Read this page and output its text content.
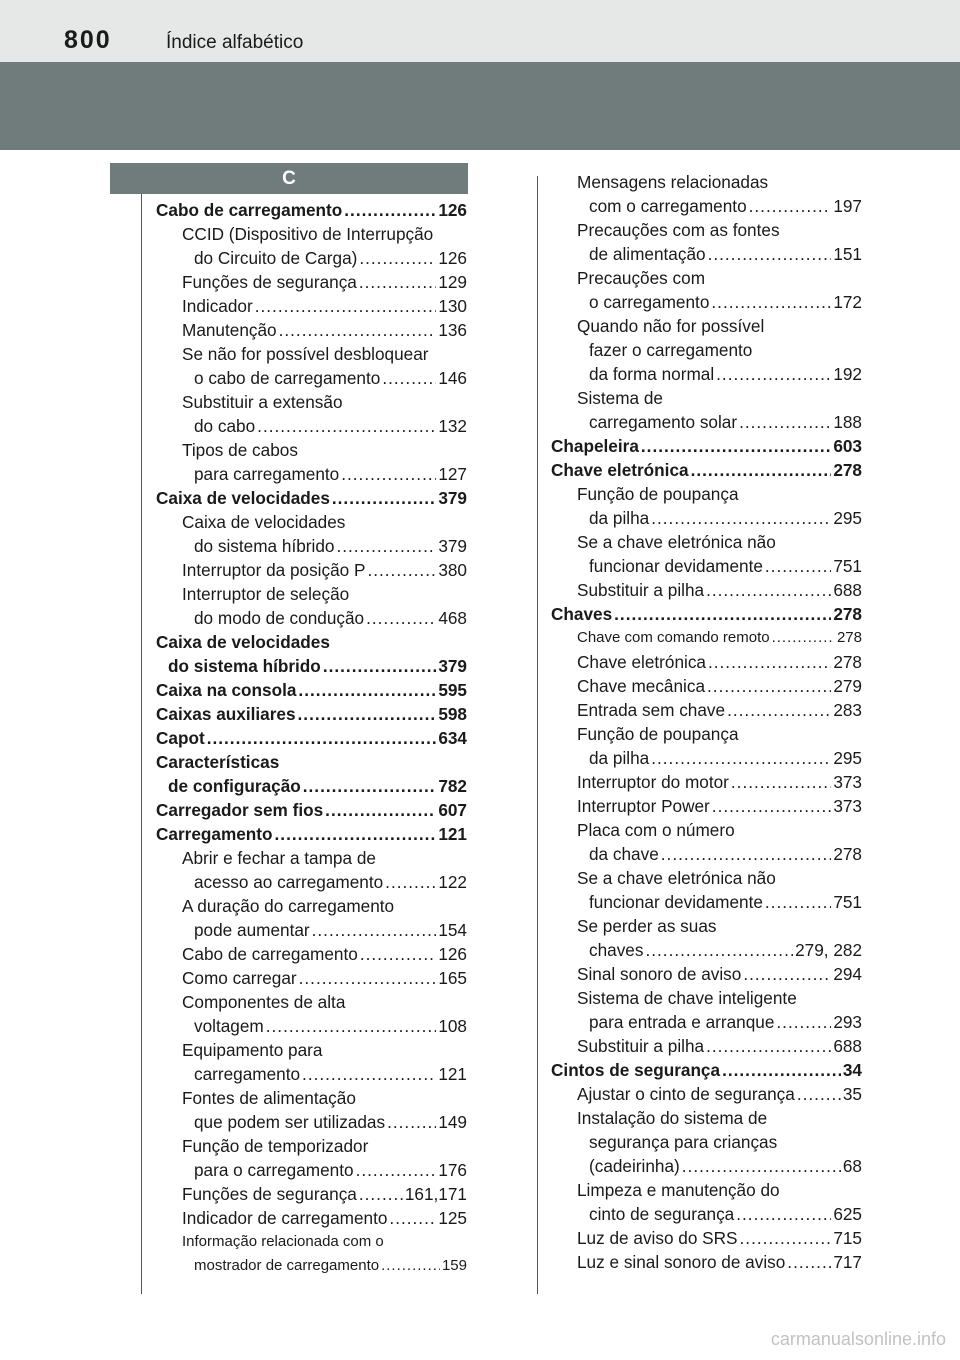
800	Índice alfabético
C
Cabo de carregamento .....	126
CCID (Dispositivo de Interrupção
do Circuito de Carga) .....	126
Funções de segurança .....	129
Indicador .....	130
Manutenção .....	136
Se não for possível desbloquear
o cabo de carregamento .....	146
Substituir a extensão
do cabo .....	132
Tipos de cabos
para carregamento .....	127
Caixa de velocidades .....	379
Caixa de velocidades
do sistema híbrido .....	379
Interruptor da posição P .....	380
Interruptor de seleção
do modo de condução .....	468
Caixa de velocidades
do sistema híbrido .....	379
Caixa na consola .....	595
Caixas auxiliares .....	598
Capot .....	634
Características
de configuração .....	782
Carregador sem fios .....	607
Carregamento .....	121
Abrir e fechar a tampa de
acesso ao carregamento .....	122
A duração do carregamento
pode aumentar .....	154
Cabo de carregamento .....	126
Como carregar .....	165
Componentes de alta
voltagem .....	108
Equipamento para
carregamento .....	121
Fontes de alimentação
que podem ser utilizadas .....	149
Função de temporizador
para o carregamento .....	176
Funções de segurança .....	161,171
Indicador de carregamento .....	125
Informação relacionada com o
mostrador de carregamento .....	159
Mensagens relacionadas
com o carregamento .....	197
Precauções com as fontes
de alimentação .....	151
Precauções com
o carregamento .....	172
Quando não for possível
fazer o carregamento
da forma normal .....	192
Sistema de
carregamento solar .....	188
Chapeleira .....	603
Chave eletrónica .....	278
Função de poupança
da pilha .....	295
Se a chave eletrónica não
funcionar devidamente .....	751
Substituir a pilha .....	688
Chaves .....	278
Chave com comando remoto .....	278
Chave eletrónica .....	278
Chave mecânica .....	279
Entrada sem chave .....	283
Função de poupança
da pilha .....	295
Interruptor do motor .....	373
Interruptor Power .....	373
Placa com o número
da chave .....	278
Se a chave eletrónica não
funcionar devidamente .....	751
Se perder as suas
chaves .....	279, 282
Sinal sonoro de aviso .....	294
Sistema de chave inteligente
para entrada e arranque .....	293
Substituir a pilha .....	688
Cintos de segurança .....	34
Ajustar o cinto de segurança .....	35
Instalação do sistema de
segurança para crianças
(cadeirinha) .....	68
Limpeza e manutenção do
cinto de segurança .....	625
Luz de aviso do SRS .....	715
Luz e sinal sonoro de aviso .....	717
carmanualsonline.info
